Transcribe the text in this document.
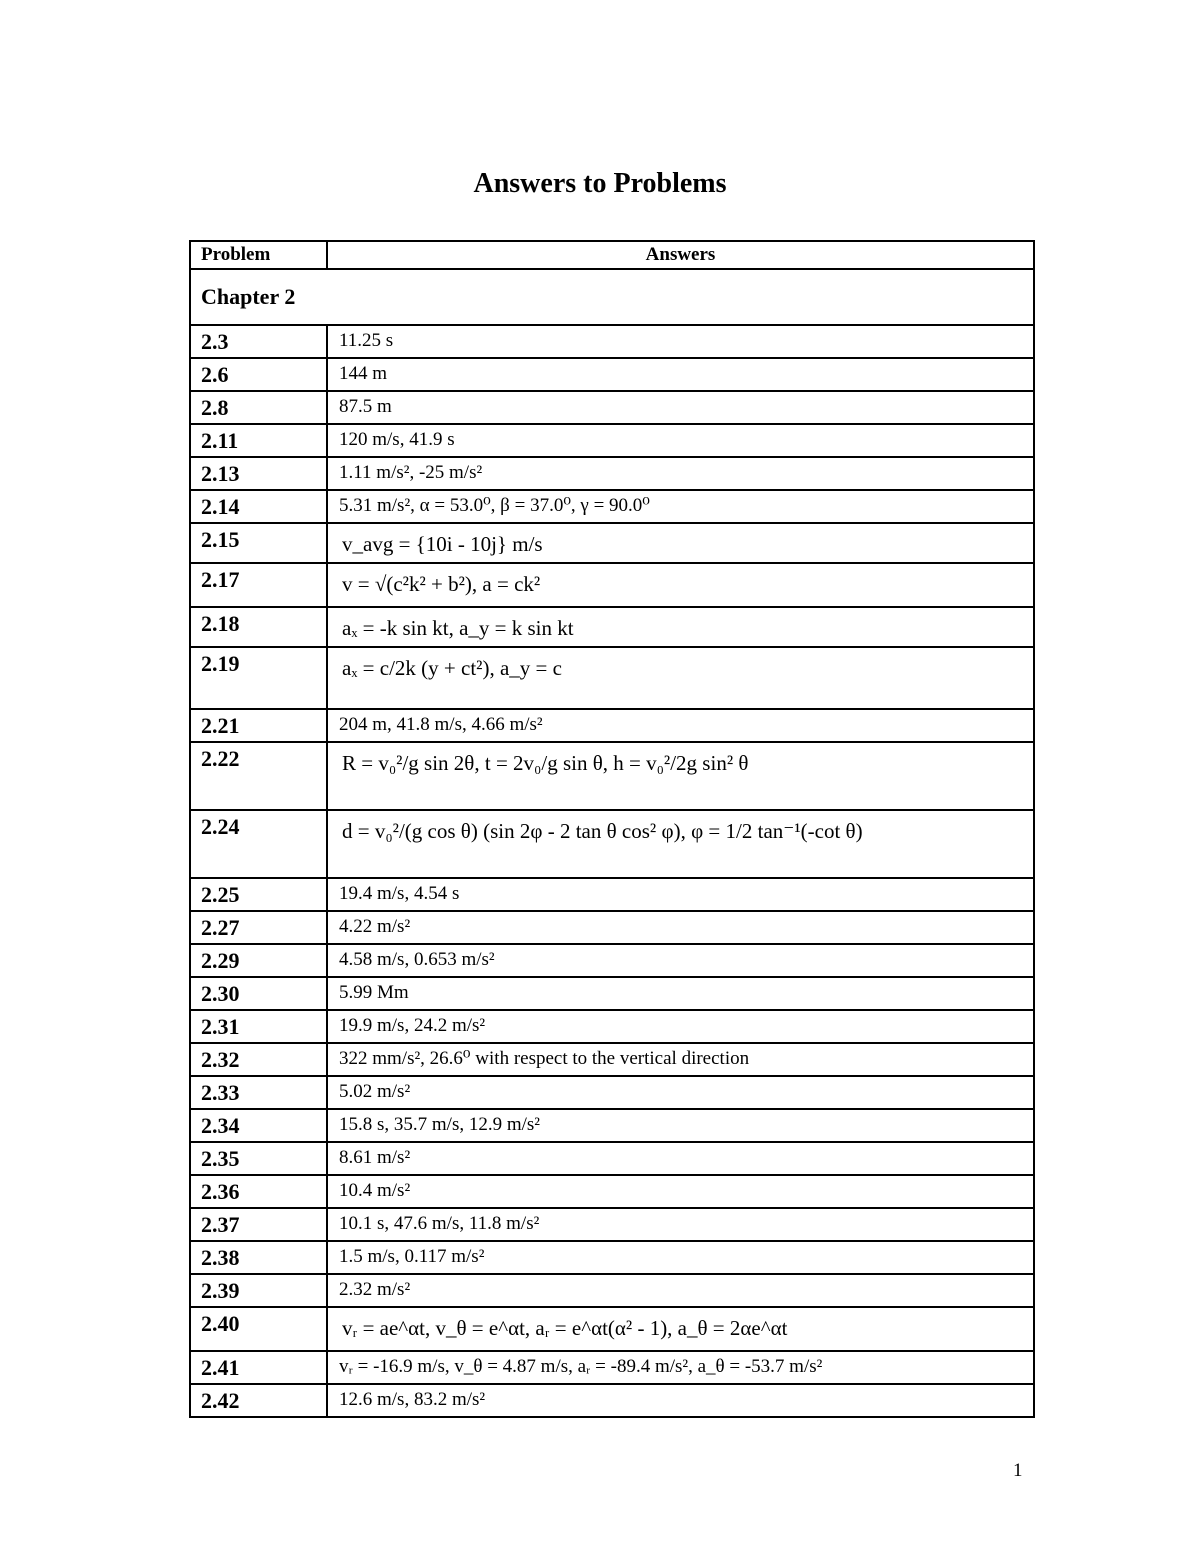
Answers to Problems
Problem	Answers
Chapter 2	

2.3	11.25 s

2.6	144 m

2.8	87.5 m

2.11	120 m/s, 41.9 s

2.13	1.11 m/s², -25 m/s²

2.14	5.31 m/s², α = 53.0⁰, β = 37.0⁰, γ = 90.0⁰

2.15	v_avg = {10i - 10j} m/s

2.17	v = √(c²k² + b²), a = ck²

2.18	aₓ = -k sin kt, a_y = k sin kt

2.19	aₓ = c/2k (y + ct²), a_y = c

2.21	204 m, 41.8 m/s, 4.66 m/s²

2.22	R = v₀²/g sin 2θ, t = 2v₀/g sin θ, h = v₀²/2g sin² θ

2.24	d = v₀²/(g cos θ) (sin 2φ - 2 tan θ cos² φ), φ = 1/2 tan⁻¹(-cot θ)

2.25	19.4 m/s, 4.54 s

2.27	4.22 m/s²

2.29	4.58 m/s, 0.653 m/s²

2.30	5.99 Mm

2.31	19.9 m/s, 24.2 m/s²

2.32	322 mm/s², 26.6⁰ with respect to the vertical direction

2.33	5.02 m/s²

2.34	15.8 s, 35.7 m/s, 12.9 m/s²

2.35	8.61 m/s²

2.36	10.4 m/s²

2.37	10.1 s, 47.6 m/s, 11.8 m/s²

2.38	1.5 m/s, 0.117 m/s²

2.39	2.32 m/s²

2.40	vᵣ = ae^αt, v_θ = e^αt, aᵣ = e^αt(α² - 1), a_θ = 2αe^αt

2.41	vᵣ = -16.9 m/s, v_θ = 4.87 m/s, aᵣ = -89.4 m/s², a_θ = -53.7 m/s²

2.42	12.6 m/s, 83.2 m/s²
1
